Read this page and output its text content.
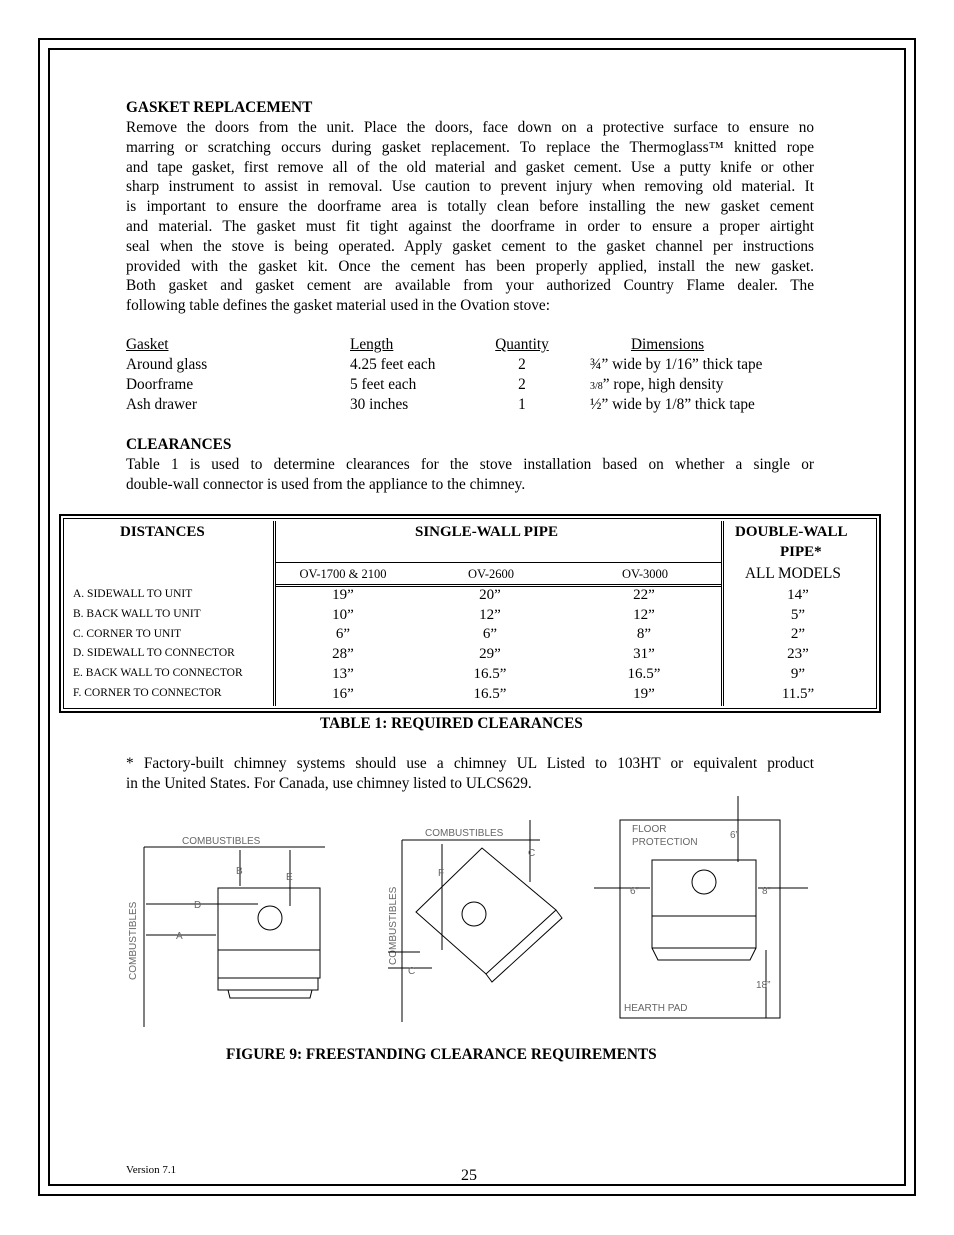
GASKET REPLACEMENT
Remove the doors from the unit. Place the doors, face down on a protective surface to ensure no
marring or scratching occurs during gasket replacement. To replace the Thermoglass™ knitted rope
and tape gasket, first remove all of the old material and gasket cement. Use a putty knife or other
sharp instrument to assist in removal. Use caution to prevent injury when removing old material. It
is important to ensure the doorframe area is totally clean before installing the new gasket cement
and material. The gasket must fit tight against the doorframe in order to ensure a proper airtight
seal when the stove is being operated. Apply gasket cement to the gasket channel per instructions
provided with the gasket kit. Once the cement has been properly applied, install the new gasket.
Both gasket and gasket cement are available from your authorized Country Flame dealer. The
following table defines the gasket material used in the Ovation stove:
Gasket	Length	Quantity	Dimensions
Around glass	4.25 feet each	2	¾” wide by 1/16” thick tape
Doorframe	5 feet each	2	3/8” rope, high density
Ash drawer	30 inches	1	½” wide by 1/8” thick tape
CLEARANCES
Table 1 is used to determine clearances for the stove installation based on whether a single or
double-wall connector is used from the appliance to the chimney.
DISTANCES	SINGLE-WALL PIPE	DOUBLE-WALL
PIPE*
OV-1700 & 2100	OV-2600	OV-3000	ALL MODELS
A. SIDEWALL TO UNIT	19”	20”	22”	14”
B. BACK WALL TO UNIT	10”	12”	12”	5”
C. CORNER TO UNIT	6”	6”	8”	2”
D. SIDEWALL TO CONNECTOR	28”	29”	31”	23”
E. BACK WALL TO CONNECTOR	13”	16.5”	16.5”	9”
F. CORNER TO CONNECTOR	16”	16.5”	19”	11.5”
TABLE 1: REQUIRED CLEARANCES
* Factory-built chimney systems should use a chimney UL Listed to 103HT or equivalent product
in the United States. For Canada, use chimney listed to ULCS629.
COMBUSTIBLES
COMBUSTIBLES
B
E
D
A
COMBUSTIBLES
COMBUSTIBLES
F
C
C
FLOOR
PROTECTION
6”
6”	8”
18”
HEARTH PAD
FIGURE 9: FREESTANDING CLEARANCE REQUIREMENTS
Version 7.1	25
